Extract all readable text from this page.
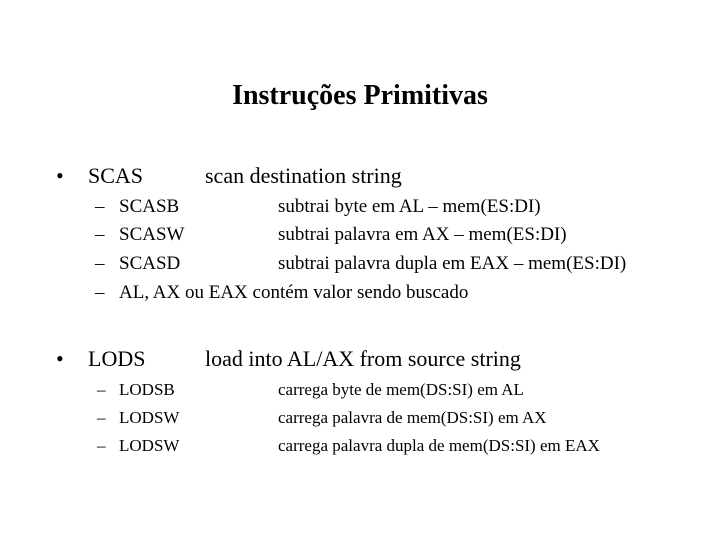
Instruções Primitivas
• SCAS	scan destination string
– SCASB	subtrai byte em AL – mem(ES:DI)
– SCASW	subtrai palavra em AX – mem(ES:DI)
– SCASD	subtrai palavra dupla em EAX – mem(ES:DI)
– AL, AX ou EAX contém valor sendo buscado
• LODS	load into AL/AX from source string
– LODSB	carrega byte de mem(DS:SI) em AL
– LODSW	carrega palavra de mem(DS:SI) em AX
– LODSW	carrega palavra dupla de mem(DS:SI) em EAX
